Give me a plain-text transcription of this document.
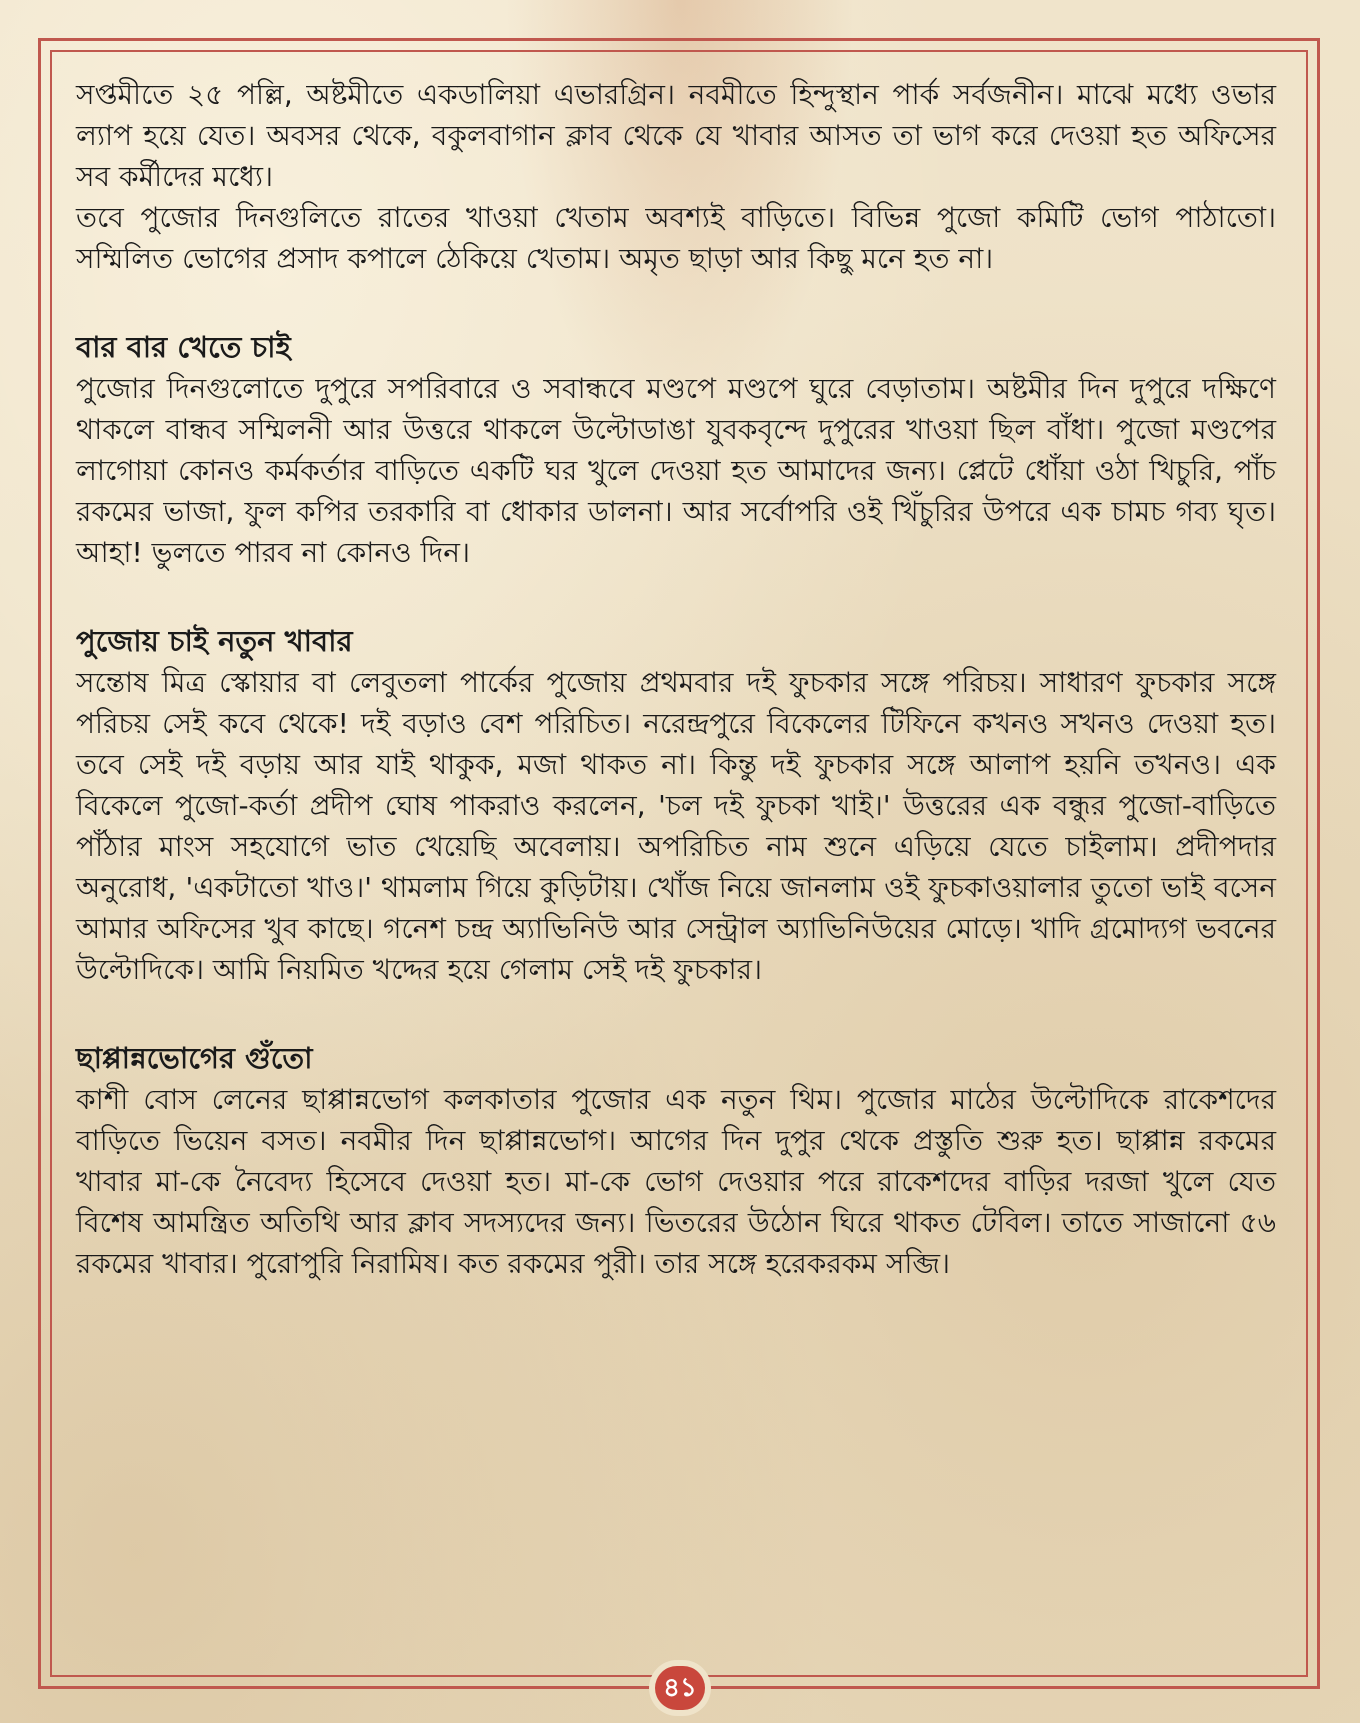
সপ্তমীতে ২৫ পল্লি, অষ্টমীতে একডালিয়া এভারগ্রিন। নবমীতে হিন্দুস্থান পার্ক সর্বজনীন। মাঝে মধ্যে ওভার ল্যাপ হয়ে যেত। অবসর থেকে, বকুলবাগান ক্লাব থেকে যে খাবার আসত তা ভাগ করে দেওয়া হত অফিসের সব কর্মীদের মধ্যে।

তবে পুজোর দিনগুলিতে রাতের খাওয়া খেতাম অবশ্যই বাড়িতে। বিভিন্ন পুজো কমিটি ভোগ পাঠাতো। সম্মিলিত ভোগের প্রসাদ কপালে ঠেকিয়ে খেতাম। অমৃত ছাড়া আর কিছু মনে হত না।

বার বার খেতে চাই

পুজোর দিনগুলোতে দুপুরে সপরিবারে ও সবান্ধবে মণ্ডপে মণ্ডপে ঘুরে বেড়াতাম। অষ্টমীর দিন দুপুরে দক্ষিণে থাকলে বান্ধব সম্মিলনী আর উত্তরে থাকলে উল্টোডাঙা যুবকবৃন্দে দুপুরের খাওয়া ছিল বাঁধা। পুজো মণ্ডপের লাগোয়া কোনও কর্মকর্তার বাড়িতে একটি ঘর খুলে দেওয়া হত আমাদের জন্য। প্লেটে ধোঁয়া ওঠা খিচুরি, পাঁচ রকমের ভাজা, ফুল কপির তরকারি বা ধোকার ডালনা। আর সর্বোপরি ওই খিঁচুরির উপরে এক চামচ গব্য ঘৃত। আহা! ভুলতে পারব না কোনও দিন।

পুজোয় চাই নতুন খাবার

সন্তোষ মিত্র স্কোয়ার বা লেবুতলা পার্কের পুজোয় প্রথমবার দই ফুচকার সঙ্গে পরিচয়। সাধারণ ফুচকার সঙ্গে পরিচয় সেই কবে থেকে! দই বড়াও বেশ পরিচিত। নরেন্দ্রপুরে বিকেলের টিফিনে কখনও সখনও দেওয়া হত। তবে সেই দই বড়ায় আর যাই থাকুক, মজা থাকত না। কিন্তু দই ফুচকার সঙ্গে আলাপ হয়নি তখনও। এক বিকেলে পুজো-কর্তা প্রদীপ ঘোষ পাকরাও করলেন, 'চল দই ফুচকা খাই।' উত্তরের এক বন্ধুর পুজো-বাড়িতে পাঁঠার মাংস সহযোগে ভাত খেয়েছি অবেলায়। অপরিচিত নাম শুনে এড়িয়ে যেতে চাইলাম। প্রদীপদার অনুরোধ, 'একটাতো খাও।' থামলাম গিয়ে কুড়িটায়। খোঁজ নিয়ে জানলাম ওই ফুচকাওয়ালার তুতো ভাই বসেন আমার অফিসের খুব কাছে। গনেশ চন্দ্র অ্যাভিনিউ আর সেন্ট্রাল অ্যাভিনিউয়ের মোড়ে। খাদি গ্রমোদ্যগ ভবনের উল্টোদিকে। আমি নিয়মিত খদ্দের হয়ে গেলাম সেই দই ফুচকার।

ছাপ্পান্নভোগের গুঁতো

কাশী বোস লেনের ছাপ্পান্নভোগ কলকাতার পুজোর এক নতুন থিম। পুজোর মাঠের উল্টোদিকে রাকেশদের বাড়িতে ভিয়েন বসত। নবমীর দিন ছাপ্পান্নভোগ। আগের দিন দুপুর থেকে প্রস্তুতি শুরু হত। ছাপ্পান্ন রকমের খাবার মা-কে নৈবেদ্য হিসেবে দেওয়া হত। মা-কে ভোগ দেওয়ার পরে রাকেশদের বাড়ির দরজা খুলে যেত বিশেষ আমন্ত্রিত অতিথি আর ক্লাব সদস্যদের জন্য। ভিতরের উঠোন ঘিরে থাকত টেবিল। তাতে সাজানো ৫৬ রকমের খাবার। পুরোপুরি নিরামিষ। কত রকমের পুরী। তার সঙ্গে হরেকরকম সব্জি।

৪১
